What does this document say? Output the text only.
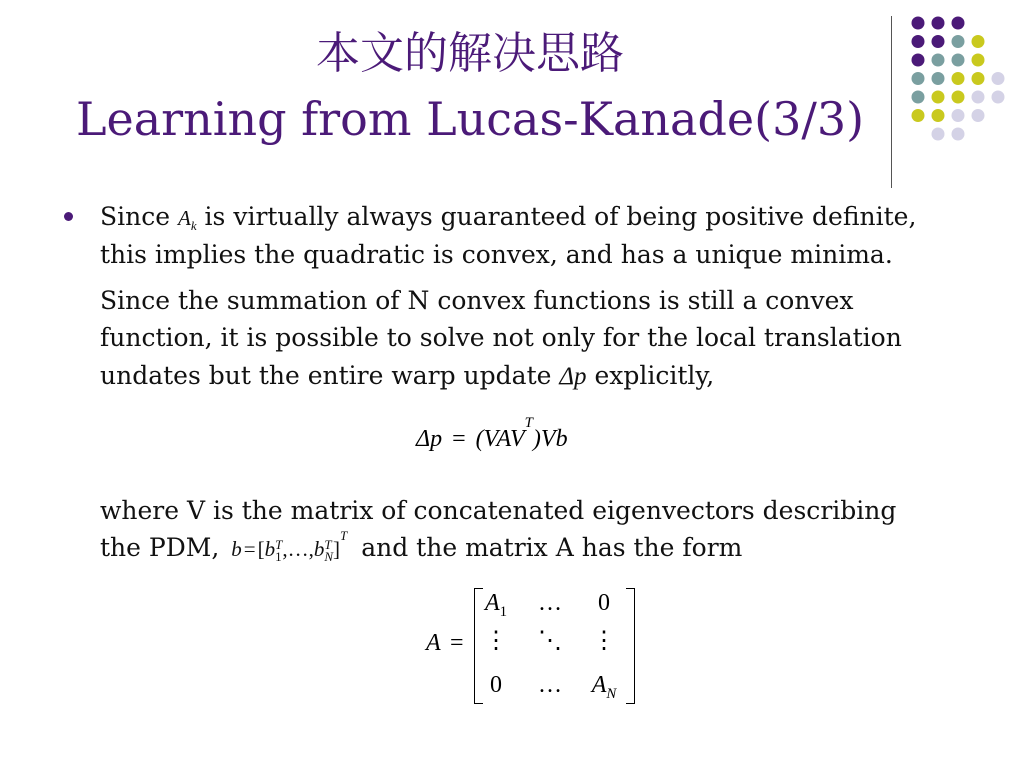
本文的解决思路
Learning from Lucas-Kanade(3/3)
Since $A_k$ is virtually always guaranteed of being positive definite,
this implies the quadratic is convex, and has a unique minima.
Since the summation of N convex functions is still a convex
function, it is possible to solve not only for the local translation
undates but the entire warp update Δp explicitly,
$\Delta p = (VAV^T)Vb$
where V is the matrix of concatenated eigenvectors describing
the PDM, b=[b T
1 ,…,b T
N ]$^T$ and the matrix A has the form
A =
$A_1$	…	0
⋮	⋱	⋮
0	…	$A_N$
